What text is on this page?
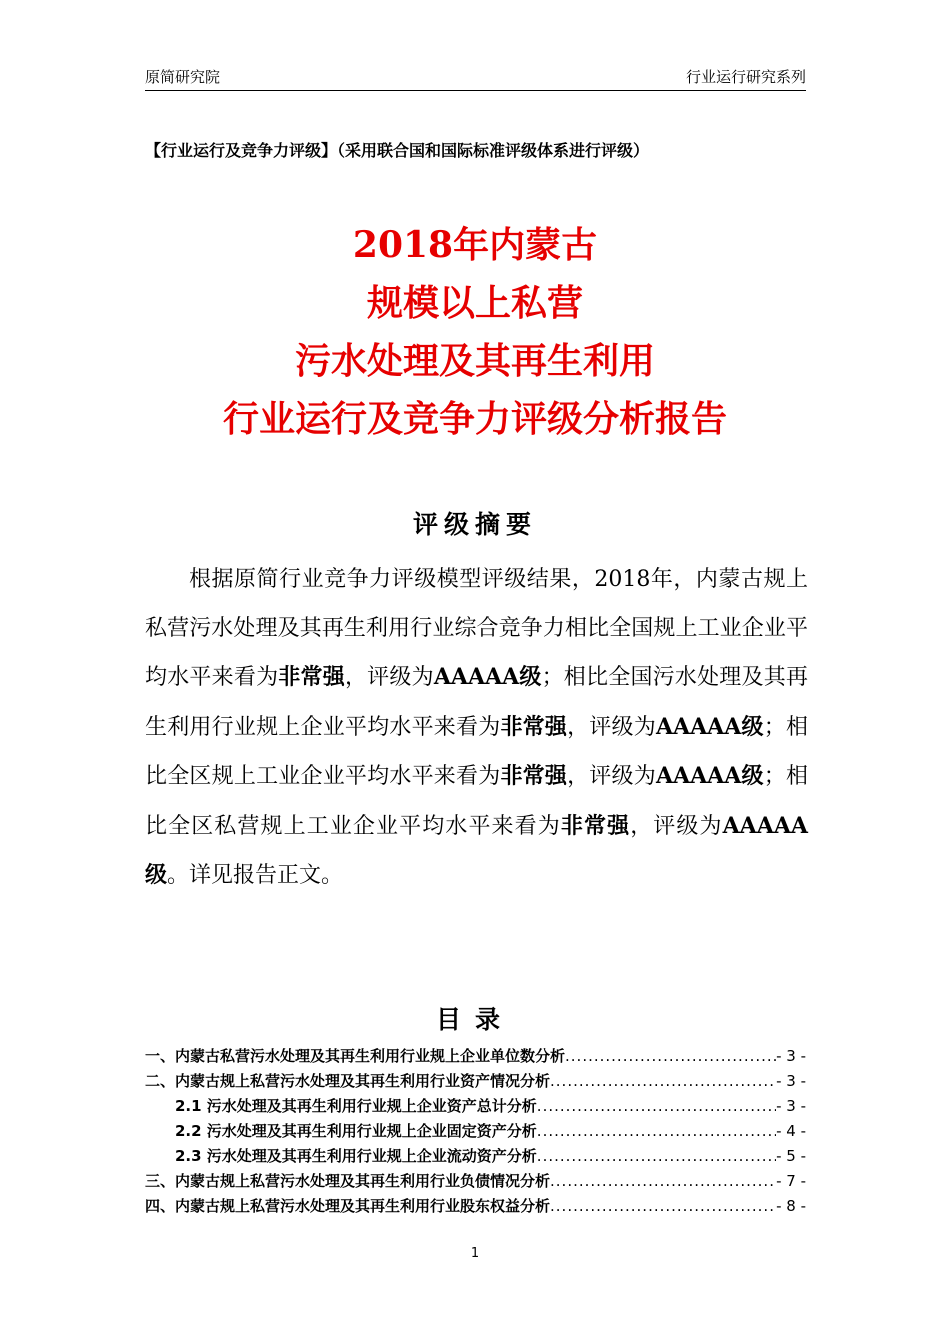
原简研究院	行业运行研究系列
【行业运行及竞争力评级】（采用联合国和国际标准评级体系进行评级）
2018年内蒙古
规模以上私营
污水处理及其再生利用
行业运行及竞争力评级分析报告
评级摘要
根据原简行业竞争力评级模型评级结果，2018年，内蒙古规上私营污水处理及其再生利用行业综合竞争力相比全国规上工业企业平均水平来看为非常强，评级为AAAAA级；相比全国污水处理及其再生利用行业规上企业平均水平来看为非常强，评级为AAAAA级；相比全区规上工业企业平均水平来看为非常强，评级为AAAAA级；相比全区私营规上工业企业平均水平来看为非常强，评级为AAAAA级。详见报告正文。
目录
一、内蒙古私营污水处理及其再生利用行业规上企业单位数分析 .....	- 3 -
二、内蒙古规上私营污水处理及其再生利用行业资产情况分析 .....	- 3 -
2.1 污水处理及其再生利用行业规上企业资产总计分析 .....	- 3 -
2.2 污水处理及其再生利用行业规上企业固定资产分析 .....	- 4 -
2.3 污水处理及其再生利用行业规上企业流动资产分析 .....	- 5 -
三、内蒙古规上私营污水处理及其再生利用行业负债情况分析 .....	- 7 -
四、内蒙古规上私营污水处理及其再生利用行业股东权益分析 .....	- 8 -
1
